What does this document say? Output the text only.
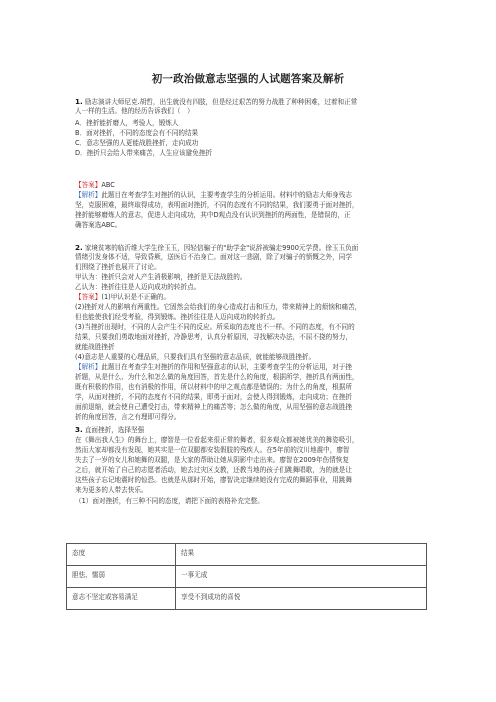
初一政治做意志坚强的人试题答案及解析
1. 励志演讲大师尼克.胡哲，出生就没有四肢，但是经过艰苦的努力战胜了种种困难，过着和正常
人一样的生活。他的经历告诉我们（　）
A．挫折能折磨人，考验人，锻炼人
B．面对挫折，不同的态度会有不同的结果
C．意志坚强的人更能战胜挫折，走向成功
D．挫折只会给人带来痛苦，人生应该避免挫折
【答案】ABC
【解析】此题目在考查学生对挫折的认识，主要考查学生的分析运用。材料中的励志大师身残志
坚，克服困难，最终取得成功，表明面对挫折，不同的态度有不同的结果，我们要勇于面对挫折，
挫折能够磨炼人的意志，促进人走向成功，其中D观点没有认识到挫折的两面性，是错误的，正
确答案选ABC。
2. 家境贫寒的临沂维大学生徐玉玉，因轻信骗子的"助学金"说辞被骗走9900元学费。徐玉玉负面
情绪引发身体不适，导致昏厥，送医后不治身亡。面对这一悲剧，除了对骗子的愤慨之外，同学
们围绕了挫折也展开了讨论。
甲认为：挫折只会对人产生消极影响，挫折是无法战胜的。
乙认为：挫折往往是人迈向成功的转折点。
【答案】(1)甲认识是不正确的。
(2)挫折对人的影响有两重性。它固然会给我们的身心造成打击和压力，带来精神上的烦恼和痛苦，
但也能使我们经受考验，得到锻炼。挫折往往是人迈向成功的转折点。
(3)当挫折出现时，不同的人会产生不同的反应。所采取的态度也不一样。不同的态度，有不同的
结果，只要我们勇敢地面对挫折，冷静思考，认真分析原因，寻找解决办法，不屈不挠的努力，
就能战胜挫折
(4)意志是人重要的心理品质，只要我们具有坚强的意志品质，就能能够战胜挫折。
【解析】此题目在考查学生对挫折的作用和坚强意志的认识，主要考查学生的分析运用，对于挫
折题，从是什么、为什么和怎么做的角度回答，首先是什么的角度，根据所学，挫折具有两面性，
既有积极的作用，也有消极的作用，所以材料中的甲之观点都是错误的；为什么的角度，根据所
学，从面对挫折，不同的态度有不同的结果，即勇于面对，会使人得到锻炼，走向成功；在挫折
面前退缩，就会使自己遭受打击，带来精神上的痛苦等；怎么做的角度，从用坚强的意志战胜挫
折的角度回答，言之有理即可得分。
3. 直面挫折，选择坚强
在《舞出我人生》的舞台上，廖智是一位看起来很正常的舞者，很多观众都被她优美的舞姿吸引，
然而大家却都没有发现，她其实是一位双腿都安装假肢的残疾人。在5年前的汶川地震中，廖智
失去了一岁的女儿和她舞的双腿，是大家的帮助让她从阴影中走出来。廖智在2009年伤情恢复
之后，就开始了自己的志愿者活动，她去过灾区支教，还教当地的孩子们跳舞唱歌，为的就是让
这些孩子忘记地震时的惊恐。也就是从那时开始，廖智决定继续她没有完成的舞蹈事业，用跳舞
来为更多的人带去快乐。
（1）面对挫折，有三种不同的态度，请把下面的表格补充完整。
态度	结果
胆怯、懦弱	一事无成
意志不坚定或容易满足	享受不到成功的喜悦
